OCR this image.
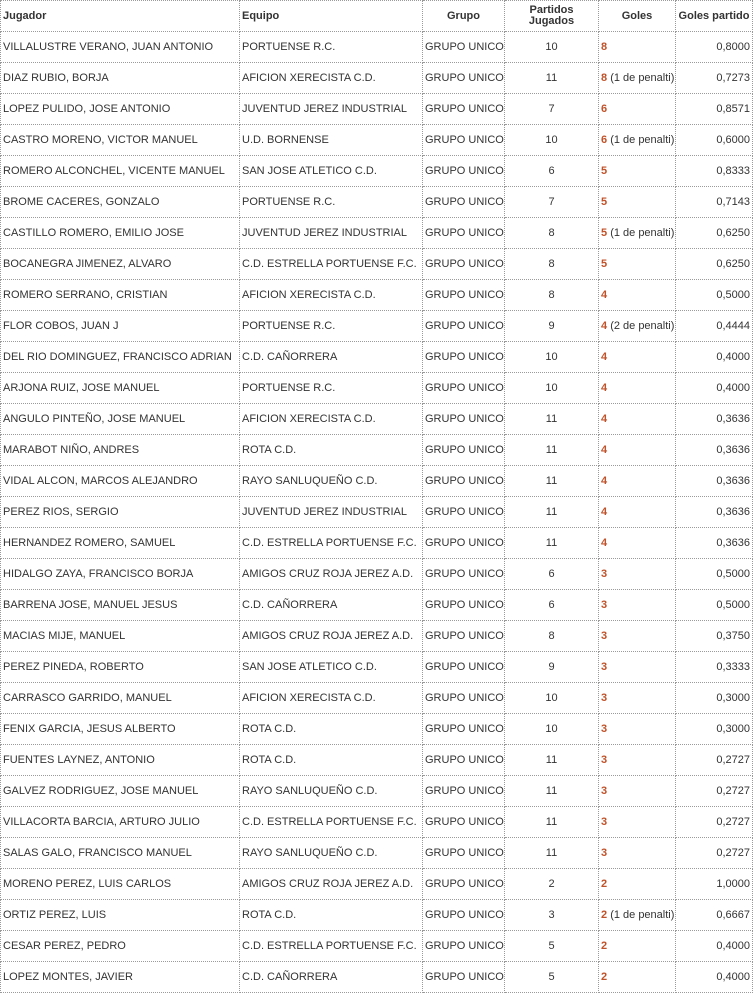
Jugador	Equipo	Grupo	Partidos Jugados	Goles	Goles partido
VILLALUSTRE VERANO, JUAN ANTONIO	PORTUENSE R.C.	GRUPO UNICO	10	8	0,8000
DIAZ RUBIO, BORJA	AFICION XERECISTA C.D.	GRUPO UNICO	11	8 (1 de penalti)	0,7273
LOPEZ PULIDO, JOSE ANTONIO	JUVENTUD JEREZ INDUSTRIAL	GRUPO UNICO	7	6	0,8571
CASTRO MORENO, VICTOR MANUEL	U.D. BORNENSE	GRUPO UNICO	10	6 (1 de penalti)	0,6000
ROMERO ALCONCHEL, VICENTE MANUEL	SAN JOSE ATLETICO C.D.	GRUPO UNICO	6	5	0,8333
BROME CACERES, GONZALO	PORTUENSE R.C.	GRUPO UNICO	7	5	0,7143
CASTILLO ROMERO, EMILIO JOSE	JUVENTUD JEREZ INDUSTRIAL	GRUPO UNICO	8	5 (1 de penalti)	0,6250
BOCANEGRA JIMENEZ, ALVARO	C.D. ESTRELLA PORTUENSE F.C.	GRUPO UNICO	8	5	0,6250
ROMERO SERRANO, CRISTIAN	AFICION XERECISTA C.D.	GRUPO UNICO	8	4	0,5000
FLOR COBOS, JUAN J	PORTUENSE R.C.	GRUPO UNICO	9	4 (2 de penalti)	0,4444
DEL RIO DOMINGUEZ, FRANCISCO ADRIAN	C.D. CAÑORRERA	GRUPO UNICO	10	4	0,4000
ARJONA RUIZ, JOSE MANUEL	PORTUENSE R.C.	GRUPO UNICO	10	4	0,4000
ANGULO PINTEÑO, JOSE MANUEL	AFICION XERECISTA C.D.	GRUPO UNICO	11	4	0,3636
MARABOT NIÑO, ANDRES	ROTA C.D.	GRUPO UNICO	11	4	0,3636
VIDAL ALCON, MARCOS ALEJANDRO	RAYO SANLUQUEÑO C.D.	GRUPO UNICO	11	4	0,3636
PEREZ RIOS, SERGIO	JUVENTUD JEREZ INDUSTRIAL	GRUPO UNICO	11	4	0,3636
HERNANDEZ ROMERO, SAMUEL	C.D. ESTRELLA PORTUENSE F.C.	GRUPO UNICO	11	4	0,3636
HIDALGO ZAYA, FRANCISCO BORJA	AMIGOS CRUZ ROJA JEREZ A.D.	GRUPO UNICO	6	3	0,5000
BARRENA JOSE, MANUEL JESUS	C.D. CAÑORRERA	GRUPO UNICO	6	3	0,5000
MACIAS MIJE, MANUEL	AMIGOS CRUZ ROJA JEREZ A.D.	GRUPO UNICO	8	3	0,3750
PEREZ PINEDA, ROBERTO	SAN JOSE ATLETICO C.D.	GRUPO UNICO	9	3	0,3333
CARRASCO GARRIDO, MANUEL	AFICION XERECISTA C.D.	GRUPO UNICO	10	3	0,3000
FENIX GARCIA, JESUS ALBERTO	ROTA C.D.	GRUPO UNICO	10	3	0,3000
FUENTES LAYNEZ, ANTONIO	ROTA C.D.	GRUPO UNICO	11	3	0,2727
GALVEZ RODRIGUEZ, JOSE MANUEL	RAYO SANLUQUEÑO C.D.	GRUPO UNICO	11	3	0,2727
VILLACORTA BARCIA, ARTURO JULIO	C.D. ESTRELLA PORTUENSE F.C.	GRUPO UNICO	11	3	0,2727
SALAS GALO, FRANCISCO MANUEL	RAYO SANLUQUEÑO C.D.	GRUPO UNICO	11	3	0,2727
MORENO PEREZ, LUIS CARLOS	AMIGOS CRUZ ROJA JEREZ A.D.	GRUPO UNICO	2	2	1,0000
ORTIZ PEREZ, LUIS	ROTA C.D.	GRUPO UNICO	3	2 (1 de penalti)	0,6667
CESAR PEREZ, PEDRO	C.D. ESTRELLA PORTUENSE F.C.	GRUPO UNICO	5	2	0,4000
LOPEZ MONTES, JAVIER	C.D. CAÑORRERA	GRUPO UNICO	5	2	0,4000
